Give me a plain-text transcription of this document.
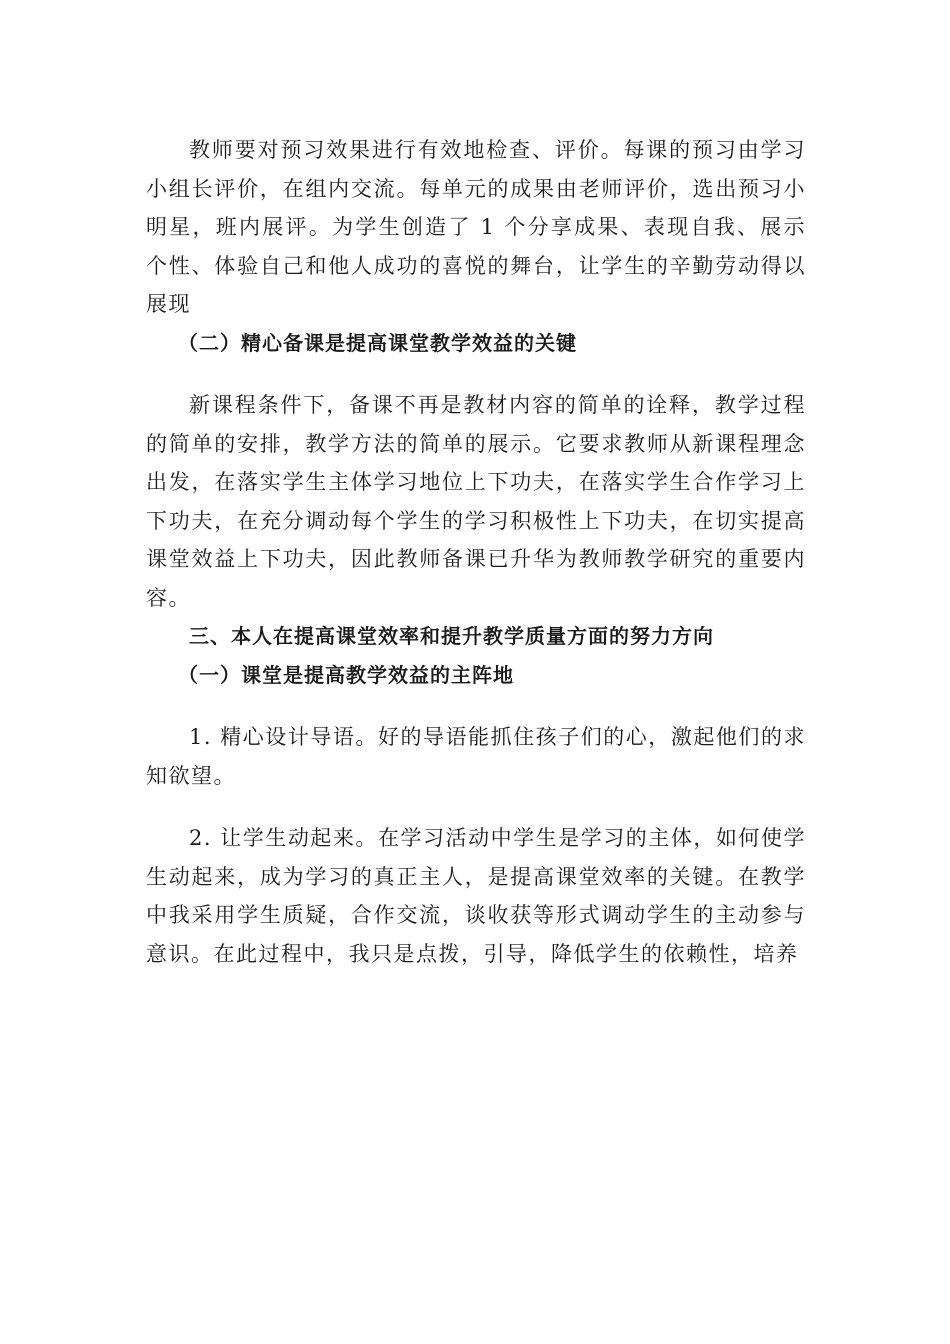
教师要对预习效果进行有效地检查、评价。每课的预习由学习小组长评价，在组内交流。每单元的成果由老师评价，选出预习小明星，班内展评。为学生创造了 1 个分享成果、表现自我、展示个性、体验自己和他人成功的喜悦的舞台，让学生的辛勤劳动得以展现

（二）精心备课是提高课堂教学效益的关键

新课程条件下，备课不再是教材内容的简单的诠释，教学过程的简单的安排，教学方法的简单的展示。它要求教师从新课程理念出发，在落实学生主体学习地位上下功夫，在落实学生合作学习上下功夫，在充分调动每个学生的学习积极性上下功夫，在切实提高课堂效益上下功夫，因此教师备课已升华为教师教学研究的重要内容。

三、本人在提高课堂效率和提升教学质量方面的努力方向

（一）课堂是提高教学效益的主阵地

1. 精心设计导语。好的导语能抓住孩子们的心，激起他们的求知欲望。

2. 让学生动起来。在学习活动中学生是学习的主体，如何使学生动起来，成为学习的真正主人，是提高课堂效率的关键。在教学中我采用学生质疑，合作交流，谈收获等形式调动学生的主动参与意识。在此过程中，我只是点拨，引导，降低学生的依赖性，培养
